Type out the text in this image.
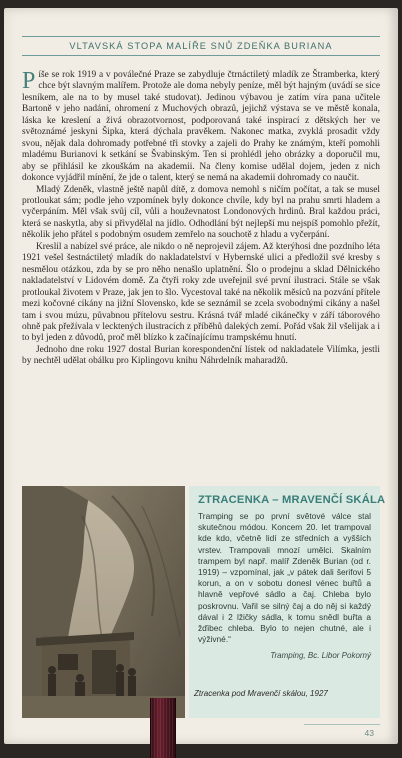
VLTAVSKÁ STOPA MALÍŘE SNŮ ZDEŇKA BURIANA

Píše se rok 1919 a v poválečné Praze se zabydluje čtrnáctiletý mladík ze Štramberka, který chce být slavným malířem. Protože ale doma nebyly peníze, měl být hajným (uvádí se sice lesníkem, ale na to by musel také studovat). Jedinou výbavou je zatím víra pana učitele Bartoně v jeho nadání, ohromení z Muchových obrazů, jejichž výstava se ve městě konala, láska ke kreslení a živá obrazotvornost, podporovaná také inspirací z dětských her ve světoznámé jeskyni Šipka, která dýchala pravěkem. Nakonec matka, zvyklá prosadit vždy svou, nějak dala dohromady potřebné tři stovky a zajeli do Prahy ke známým, kteří pomohli mladému Burianovi k setkání se Švabinským. Ten si prohlédl jeho obrázky a doporučil mu, aby se přihlásil ke zkouškám na akademii. Na členy komise udělal dojem, jeden z nich dokonce vyjádřil mínění, že jde o talent, který se nemá na akademii dohromady co naučit.

Mladý Zdeněk, vlastně ještě napůl dítě, z domova nemohl s ničím počítat, a tak se musel protloukat sám; podle jeho vzpomínek byly dokonce chvíle, kdy byl na prahu smrti hladem a vyčerpáním. Měl však svůj cíl, vůli a houževnatost Londonových hrdinů. Bral každou práci, která se naskytla, aby si přivydělal na jídlo. Odhodlání být nejlepší mu nejspíš pomohlo přežít, několik jeho přátel s podobným osudem zemřelo na souchotě z hladu a vyčerpání.

Kreslil a nabízel své práce, ale nikdo o ně neprojevil zájem. Až kterýhosi dne pozdního léta 1921 vešel šestnáctiletý mladík do nakladatelství v Hybernské ulici a předložil své kresby s nesmělou otázkou, zda by se pro něho nenašlo uplatnění. Šlo o prodejnu a sklad Dělnického nakladatelství v Lidovém domě. Za čtyři roky zde uveřejnil své první ilustraci. Stále se však protloukal životem v Praze, jak jen to šlo. Vycestoval také na několik měsíců na pozvání přítele mezi kočovné cikány na jižní Slovensko, kde se seznámil se zcela svobodnými cikány a našel tam i svou múzu, půvabnou přítelovu sestru. Krásná tvář mladé cikánečky v září táborového ohně pak přežívala v lecktených ilustracích z příběhů dalekých zemí. Pořád však žil všelijak a i to byl jeden z důvodů, proč měl blízko k začínajícímu trampskému hnutí.

Jednoho dne roku 1927 dostal Burian korespondenční lístek od nakladatele Vilímka, jestli by nechtěl udělat obálku pro Kiplingovu knihu Náhrdelník maharadžů.

ZTRACENKA – MRAVENČÍ SKÁLA

Tramping se po první světové válce stal skutečnou módou. Koncem 20. let trampoval kde kdo, včetně lidí ze středních a vyšších vrstev. Trampovali mnozí umělci. Skalním trampem byl např. malíř Zdeněk Burian (od r. 1919) – vzpomínal, jak „v pátek dali šerifovi 5 korun, a on v sobotu donesl vénec buřtů a hlavně vepřové sádlo a čaj. Chleba bylo poskrovnu. Vařil se silný čaj a do něj si každý dával i 2 lžičky sádla, k tomu snědl buřta a žďibec chleba. Bylo to nejen chutné, ale i výživné.“

Tramping, Bc. Libor Pokorný
Ztracenka pod Mravenčí skálou, 1927
43
